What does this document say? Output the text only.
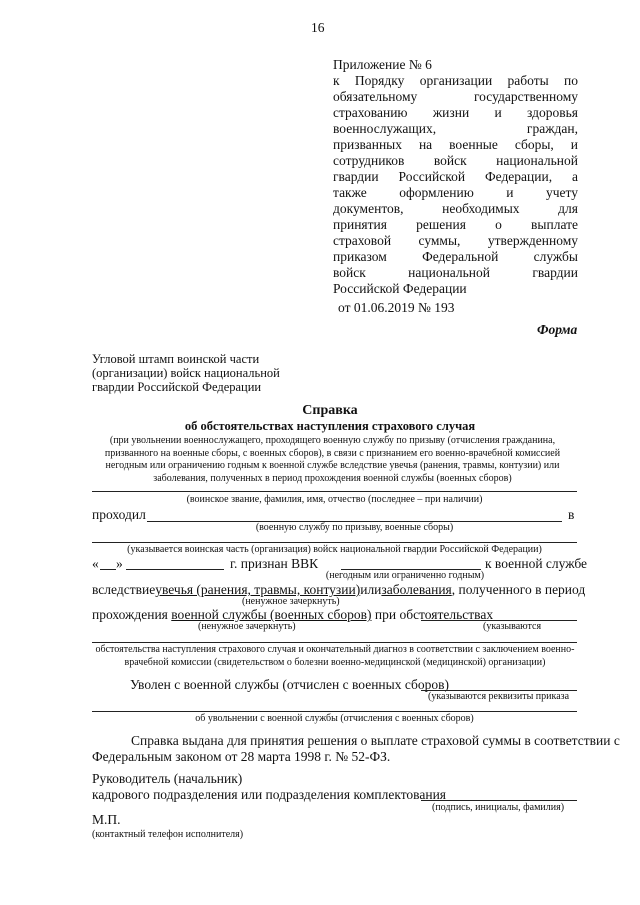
16
Приложение № 6
к Порядку организации работы по
обязательному государственному
страхованию жизни и здоровья
военнослужащих, граждан,
призванных на военные сборы, и
сотрудников войск национальной
гвардии Российской Федерации, а
также оформлению и учету
документов, необходимых для
принятия решения о выплате
страховой суммы, утвержденному
приказом Федеральной службы
войск национальной гвардии
Российской Федерации
от 01.06.2019 № 193
Форма
Угловой штамп воинской части
(организации) войск национальной
гвардии Российской Федерации
Справка
об обстоятельствах наступления страхового случая
(при увольнении военнослужащего, проходящего военную службу по призыву (отчисления гражданина,
призванного на военные сборы, с военных сборов), в связи с признанием его военно-врачебной комиссией
негодным или ограничению годным к военной службе вследствие увечья (ранения, травмы, контузии) или
заболевания, полученных в период прохождения военной службы (военных сборов)
(воинское звание, фамилия, имя, отчество (последнее – при наличии)
проходил	в
(военную службу по призыву, военные сборы)
(указывается воинская часть (организация) войск национальной гвардии Российской Федерации)
« »	г. признан ВВК	к военной службе
(негодным или ограниченно годным)
вследствие увечья (ранения, травмы, контузии) или заболевания, полученного в период
(ненужное зачеркнуть)
прохождения военной службы (военных сборов) при обстоятельствах
(ненужное зачеркнуть)	(указываются
обстоятельства наступления страхового случая и окончательный диагноз в соответствии с заключением военно-
врачебной комиссии (свидетельством о болезни военно-медицинской (медицинской) организации)
Уволен с военной службы (отчислен с военных сборов)
(указываются реквизиты приказа
об увольнении с военной службы (отчисления с военных сборов)
Справка выдана для принятия решения о выплате страховой суммы в соответствии с
Федеральным законом от 28 марта 1998 г. № 52-ФЗ.
Руководитель (начальник)
кадрового подразделения или подразделения комплектования
(подпись, инициалы, фамилия)
М.П.
(контактный телефон исполнителя)
